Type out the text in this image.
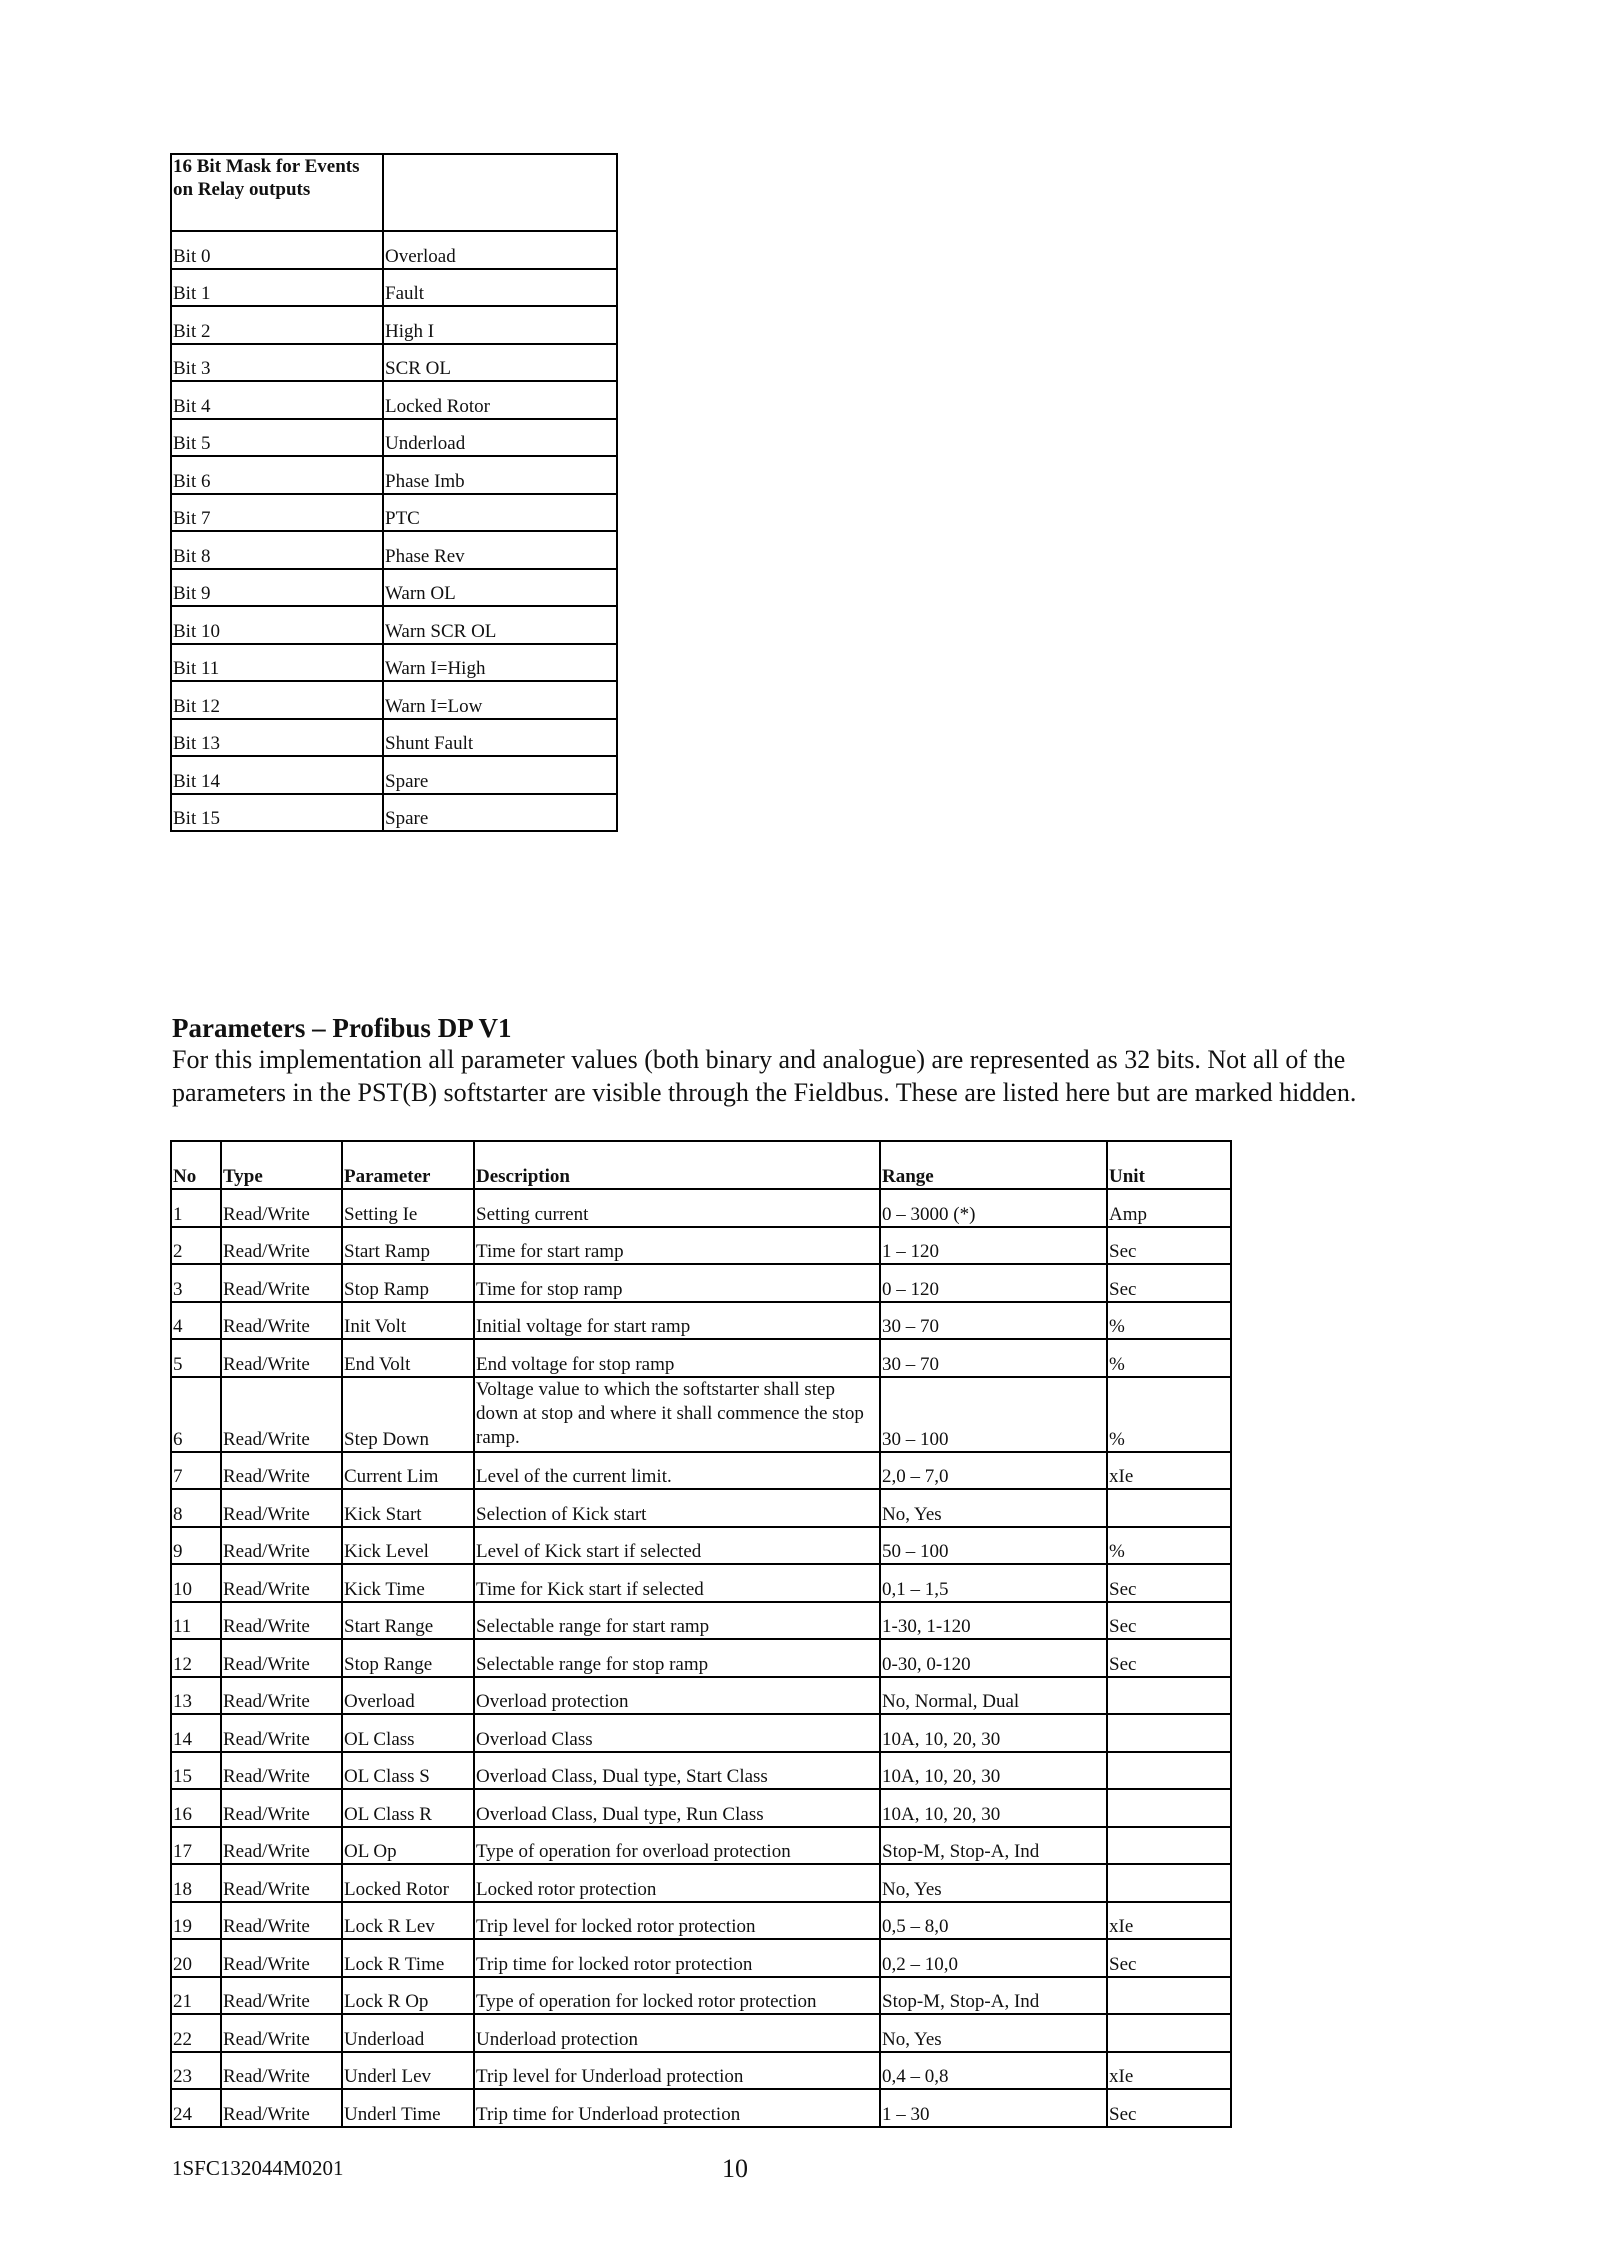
16 Bit Mask for Events on Relay outputs	
Bit 0	Overload
Bit 1	Fault
Bit 2	High I
Bit 3	SCR OL
Bit 4	Locked Rotor
Bit 5	Underload
Bit 6	Phase Imb
Bit 7	PTC
Bit 8	Phase Rev
Bit 9	Warn OL
Bit 10	Warn SCR OL
Bit 11	Warn I=High
Bit 12	Warn I=Low
Bit 13	Shunt Fault
Bit 14	Spare
Bit 15	Spare
Parameters – Profibus DP V1
For this implementation all parameter values (both binary and analogue) are represented as 32 bits. Not all of the parameters in the PST(B) softstarter are visible through the Fieldbus. These are listed here but are marked hidden.
No	Type	Parameter	Description	Range	Unit
1	Read/Write	Setting Ie	Setting current	0 – 3000 (*)	Amp
2	Read/Write	Start Ramp	Time for start ramp	1 – 120	Sec
3	Read/Write	Stop Ramp	Time for stop ramp	0 – 120	Sec
4	Read/Write	Init Volt	Initial voltage for start ramp	30 – 70	%
5	Read/Write	End Volt	End voltage for stop ramp	30 – 70	%
6	Read/Write	Step Down	Voltage value to which the softstarter shall step down at stop and where it shall commence the stop ramp.	30 – 100	%
7	Read/Write	Current Lim	Level of the current limit.	2,0 – 7,0	xIe
8	Read/Write	Kick Start	Selection of Kick start	No, Yes	
9	Read/Write	Kick Level	Level of Kick start if selected	50 – 100	%
10	Read/Write	Kick Time	Time for Kick start if selected	0,1 – 1,5	Sec
11	Read/Write	Start Range	Selectable range for start ramp	1-30, 1-120	Sec
12	Read/Write	Stop Range	Selectable range for stop ramp	0-30, 0-120	Sec
13	Read/Write	Overload	Overload protection	No, Normal, Dual	
14	Read/Write	OL Class	Overload Class	10A, 10, 20, 30	
15	Read/Write	OL Class S	Overload Class, Dual type, Start Class	10A, 10, 20, 30	
16	Read/Write	OL Class R	Overload Class, Dual type, Run Class	10A, 10, 20, 30	
17	Read/Write	OL Op	Type of operation for overload protection	Stop-M, Stop-A, Ind	
18	Read/Write	Locked Rotor	Locked rotor protection	No, Yes	
19	Read/Write	Lock R Lev	Trip level for locked rotor protection	0,5 – 8,0	xIe
20	Read/Write	Lock R Time	Trip time for locked rotor protection	0,2 – 10,0	Sec
21	Read/Write	Lock R Op	Type of operation for locked rotor protection	Stop-M, Stop-A, Ind	
22	Read/Write	Underload	Underload protection	No, Yes	
23	Read/Write	Underl Lev	Trip level for Underload protection	0,4 – 0,8	xIe
24	Read/Write	Underl Time	Trip time for Underload protection	1 – 30	Sec
1SFC132044M0201	10
